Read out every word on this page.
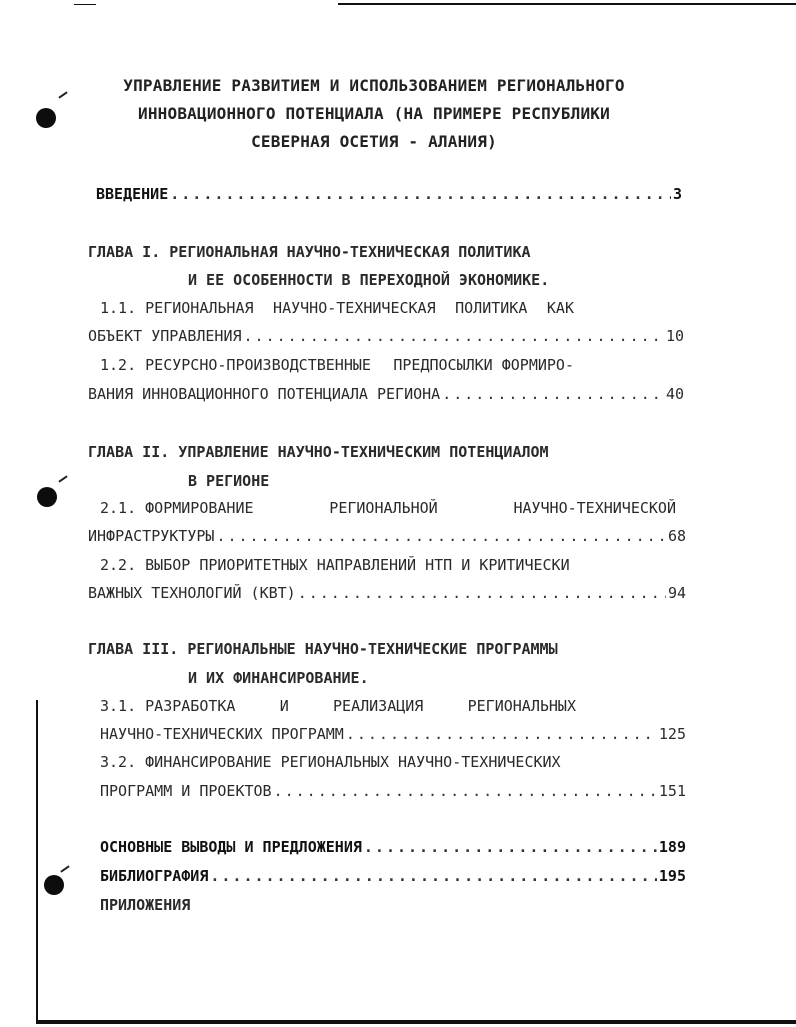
УПРАВЛЕНИЕ РАЗВИТИЕМ И ИСПОЛЬЗОВАНИЕМ РЕГИОНАЛЬНОГО
ИННОВАЦИОННОГО ПОТЕНЦИАЛА (НА ПРИМЕРЕ РЕСПУБЛИКИ
СЕВЕРНАЯ ОСЕТИЯ - АЛАНИЯ)
ВВЕДЕНИЕ .....	3
ГЛАВА I. РЕГИОНАЛЬНАЯ НАУЧНО-ТЕХНИЧЕСКАЯ ПОЛИТИКА
И ЕЕ ОСОБЕННОСТИ В ПЕРЕХОДНОЙ ЭКОНОМИКЕ.
1.1. РЕГИОНАЛЬНАЯ НАУЧНО-ТЕХНИЧЕСКАЯ ПОЛИТИКА КАК
ОБЪЕКТ УПРАВЛЕНИЯ .....	10
1.2. РЕСУРСНО-ПРОИЗВОДСТВЕННЫЕ ПРЕДПОСЫЛКИ ФОРМИРО-
ВАНИЯ ИННОВАЦИОННОГО ПОТЕНЦИАЛА РЕГИОНА .....	40
ГЛАВА II. УПРАВЛЕНИЕ НАУЧНО-ТЕХНИЧЕСКИМ ПОТЕНЦИАЛОМ
В РЕГИОНЕ
2.1. ФОРМИРОВАНИЕ	РЕГИОНАЛЬНОЙ	НАУЧНО-ТЕХНИЧЕСКОЙ
ИНФРАСТРУКТУРЫ .....	68
2.2. ВЫБОР ПРИОРИТЕТНЫХ НАПРАВЛЕНИЙ НТП И КРИТИЧЕСКИ
ВАЖНЫХ ТЕХНОЛОГИЙ (КВТ) .....	94
ГЛАВА III. РЕГИОНАЛЬНЫЕ НАУЧНО-ТЕХНИЧЕСКИЕ ПРОГРАММЫ
И ИХ ФИНАНСИРОВАНИЕ.
3.1. РАЗРАБОТКА	И	РЕАЛИЗАЦИЯ	РЕГИОНАЛЬНЫХ
НАУЧНО-ТЕХНИЧЕСКИХ ПРОГРАММ .....	125
3.2. ФИНАНСИРОВАНИЕ РЕГИОНАЛЬНЫХ НАУЧНО-ТЕХНИЧЕСКИХ
ПРОГРАММ И ПРОЕКТОВ .....	151
ОСНОВНЫЕ ВЫВОДЫ И ПРЕДЛОЖЕНИЯ .....	189
БИБЛИОГРАФИЯ .....	195
ПРИЛОЖЕНИЯ
